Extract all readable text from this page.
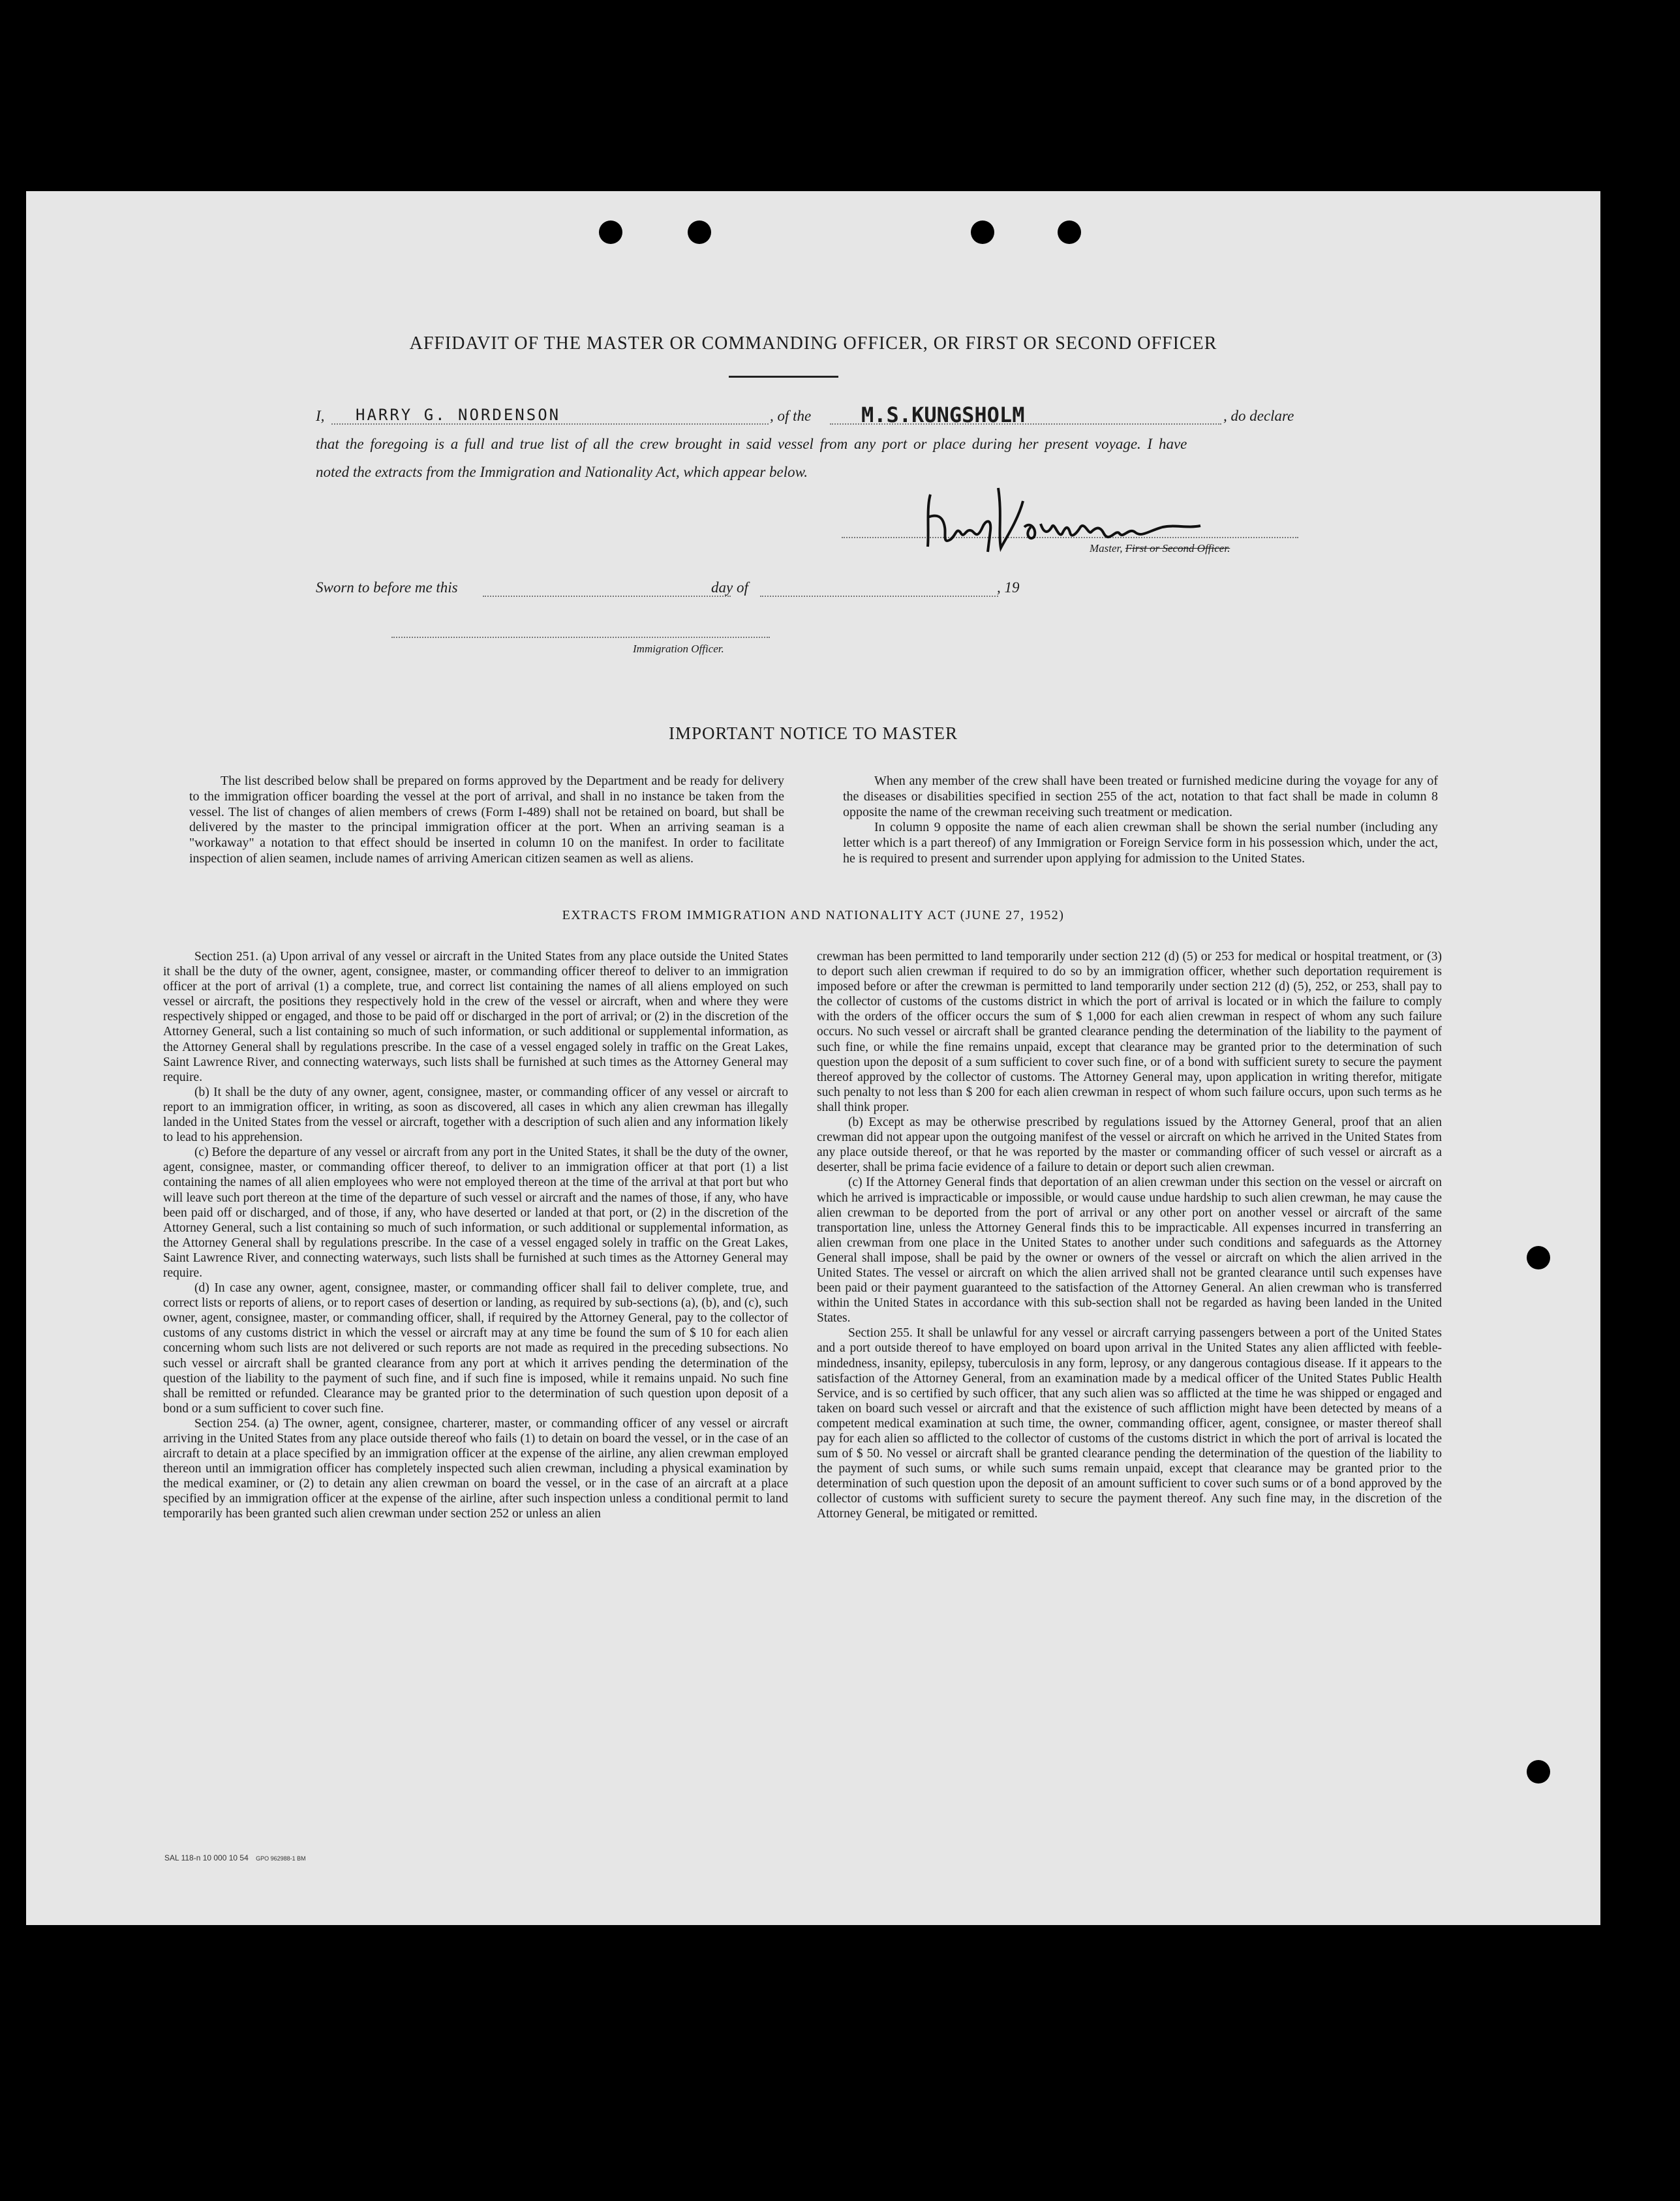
AFFIDAVIT OF THE MASTER OR COMMANDING OFFICER, OR FIRST OR SECOND OFFICER
I, HARRY G. NORDENSON	, of the M.S.KUNGSHOLM	, do declare
that the foregoing is a full and true list of all the crew brought in said vessel from any port or place during her present voyage. I have
noted the extracts from the Immigration and Nationality Act, which appear below.
Master, First or Second Officer.
Sworn to before me this	day of	, 19
Immigration Officer.
IMPORTANT NOTICE TO MASTER

The list described below shall be prepared on forms approved by the Department and be ready for delivery to the immigration officer boarding the vessel at the port of arrival, and shall in no instance be taken from the vessel. The list of changes of alien members of crews (Form I-489) shall not be retained on board, but shall be delivered by the master to the principal immigration officer at the port. When an arriving seaman is a "workaway" a notation to that effect should be inserted in column 10 on the manifest. In order to facilitate inspection of alien seamen, include names of arriving American citizen seamen as well as aliens.

When any member of the crew shall have been treated or furnished medicine during the voyage for any of the diseases or disabilities specified in section 255 of the act, notation to that fact shall be made in column 8 opposite the name of the crewman receiving such treatment or medication.

In column 9 opposite the name of each alien crewman shall be shown the serial number (including any letter which is a part thereof) of any Immigration or Foreign Service form in his possession which, under the act, he is required to present and surrender upon applying for admission to the United States.

EXTRACTS FROM IMMIGRATION AND NATIONALITY ACT (JUNE 27, 1952)

Section 251. (a) Upon arrival of any vessel or aircraft in the United States from any place outside the United States it shall be the duty of the owner, agent, consignee, master, or commanding officer thereof to deliver to an immigration officer at the port of arrival (1) a complete, true, and correct list containing the names of all aliens employed on such vessel or aircraft, the positions they respectively hold in the crew of the vessel or aircraft, when and where they were respectively shipped or engaged, and those to be paid off or discharged in the port of arrival; or (2) in the discretion of the Attorney General, such a list containing so much of such information, or such additional or supplemental information, as the Attorney General shall by regulations prescribe. In the case of a vessel engaged solely in traffic on the Great Lakes, Saint Lawrence River, and connecting waterways, such lists shall be furnished at such times as the Attorney General may require.

(b) It shall be the duty of any owner, agent, consignee, master, or commanding officer of any vessel or aircraft to report to an immigration officer, in writing, as soon as discovered, all cases in which any alien crewman has illegally landed in the United States from the vessel or aircraft, together with a description of such alien and any information likely to lead to his apprehension.

(c) Before the departure of any vessel or aircraft from any port in the United States, it shall be the duty of the owner, agent, consignee, master, or commanding officer thereof, to deliver to an immigration officer at that port (1) a list containing the names of all alien employees who were not employed thereon at the time of the arrival at that port but who will leave such port thereon at the time of the departure of such vessel or aircraft and the names of those, if any, who have been paid off or discharged, and of those, if any, who have deserted or landed at that port, or (2) in the discretion of the Attorney General, such a list containing so much of such information, or such additional or supplemental information, as the Attorney General shall by regulations prescribe. In the case of a vessel engaged solely in traffic on the Great Lakes, Saint Lawrence River, and connecting waterways, such lists shall be furnished at such times as the Attorney General may require.

(d) In case any owner, agent, consignee, master, or commanding officer shall fail to deliver complete, true, and correct lists or reports of aliens, or to report cases of desertion or landing, as required by sub-sections (a), (b), and (c), such owner, agent, consignee, master, or commanding officer, shall, if required by the Attorney General, pay to the collector of customs of any customs district in which the vessel or aircraft may at any time be found the sum of $ 10 for each alien concerning whom such lists are not delivered or such reports are not made as required in the preceding subsections. No such vessel or aircraft shall be granted clearance from any port at which it arrives pending the determination of the question of the liability to the payment of such fine, and if such fine is imposed, while it remains unpaid. No such fine shall be remitted or refunded. Clearance may be granted prior to the determination of such question upon deposit of a bond or a sum sufficient to cover such fine.

Section 254. (a) The owner, agent, consignee, charterer, master, or commanding officer of any vessel or aircraft arriving in the United States from any place outside thereof who fails (1) to detain on board the vessel, or in the case of an aircraft to detain at a place specified by an immigration officer at the expense of the airline, any alien crewman employed thereon until an immigration officer has completely inspected such alien crewman, including a physical examination by the medical examiner, or (2) to detain any alien crewman on board the vessel, or in the case of an aircraft at a place specified by an immigration officer at the expense of the airline, after such inspection unless a conditional permit to land temporarily has been granted such alien crewman under section 252 or unless an alien

crewman has been permitted to land temporarily under section 212 (d) (5) or 253 for medical or hospital treatment, or (3) to deport such alien crewman if required to do so by an immigration officer, whether such deportation requirement is imposed before or after the crewman is permitted to land temporarily under section 212 (d) (5), 252, or 253, shall pay to the collector of customs of the customs district in which the port of arrival is located or in which the failure to comply with the orders of the officer occurs the sum of $ 1,000 for each alien crewman in respect of whom any such failure occurs. No such vessel or aircraft shall be granted clearance pending the determination of the liability to the payment of such fine, or while the fine remains unpaid, except that clearance may be granted prior to the determination of such question upon the deposit of a sum sufficient to cover such fine, or of a bond with sufficient surety to secure the payment thereof approved by the collector of customs. The Attorney General may, upon application in writing therefor, mitigate such penalty to not less than $ 200 for each alien crewman in respect of whom such failure occurs, upon such terms as he shall think proper.

(b) Except as may be otherwise prescribed by regulations issued by the Attorney General, proof that an alien crewman did not appear upon the outgoing manifest of the vessel or aircraft on which he arrived in the United States from any place outside thereof, or that he was reported by the master or commanding officer of such vessel or aircraft as a deserter, shall be prima facie evidence of a failure to detain or deport such alien crewman.

(c) If the Attorney General finds that deportation of an alien crewman under this section on the vessel or aircraft on which he arrived is impracticable or impossible, or would cause undue hardship to such alien crewman, he may cause the alien crewman to be deported from the port of arrival or any other port on another vessel or aircraft of the same transportation line, unless the Attorney General finds this to be impracticable. All expenses incurred in transferring an alien crewman from one place in the United States to another under such conditions and safeguards as the Attorney General shall impose, shall be paid by the owner or owners of the vessel or aircraft on which the alien arrived in the United States. The vessel or aircraft on which the alien arrived shall not be granted clearance until such expenses have been paid or their payment guaranteed to the satisfaction of the Attorney General. An alien crewman who is transferred within the United States in accordance with this sub-section shall not be regarded as having been landed in the United States.

Section 255. It shall be unlawful for any vessel or aircraft carrying passengers between a port of the United States and a port outside thereof to have employed on board upon arrival in the United States any alien afflicted with feeble-mindedness, insanity, epilepsy, tuberculosis in any form, leprosy, or any dangerous contagious disease. If it appears to the satisfaction of the Attorney General, from an examination made by a medical officer of the United States Public Health Service, and is so certified by such officer, that any such alien was so afflicted at the time he was shipped or engaged and taken on board such vessel or aircraft and that the existence of such affliction might have been detected by means of a competent medical examination at such time, the owner, commanding officer, agent, consignee, or master thereof shall pay for each alien so afflicted to the collector of customs of the customs district in which the port of arrival is located the sum of $ 50. No vessel or aircraft shall be granted clearance pending the determination of the question of the liability to the payment of such sums, or while such sums remain unpaid, except that clearance may be granted prior to the determination of such question upon the deposit of an amount sufficient to cover such sums or of a bond approved by the collector of customs with sufficient surety to secure the payment thereof. Any such fine may, in the discretion of the Attorney General, be mitigated or remitted.

SAL 118-n 10 000 10 54 GPO 962988-1 BM
